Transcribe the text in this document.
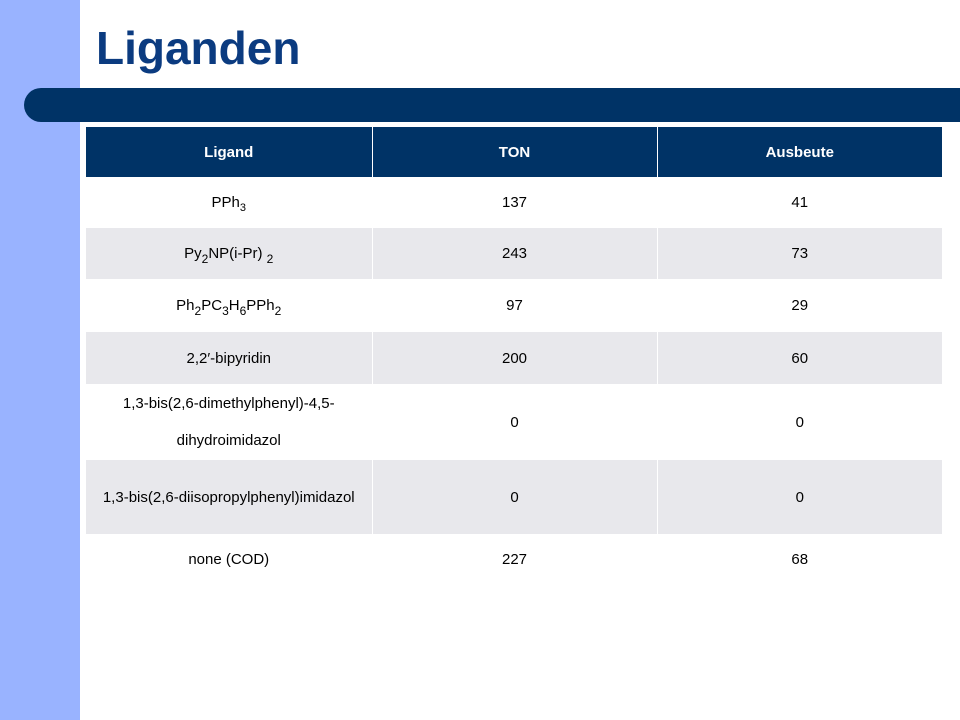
Liganden
Ligand	TON	Ausbeute
PPh$_3$	137	41
$Py_2NP(i-Pr)$ $_2$	243	73
$Ph_2PC_3H_6PPh_2$	97	29
2,2′-bipyridin	200	60
1,3-bis(2,6-dimethylphenyl)-4,5-dihydroimidazol	0	0
1,3-bis(2,6-diisopropylphenyl)imidazol	0	0
none (COD)	227	68
